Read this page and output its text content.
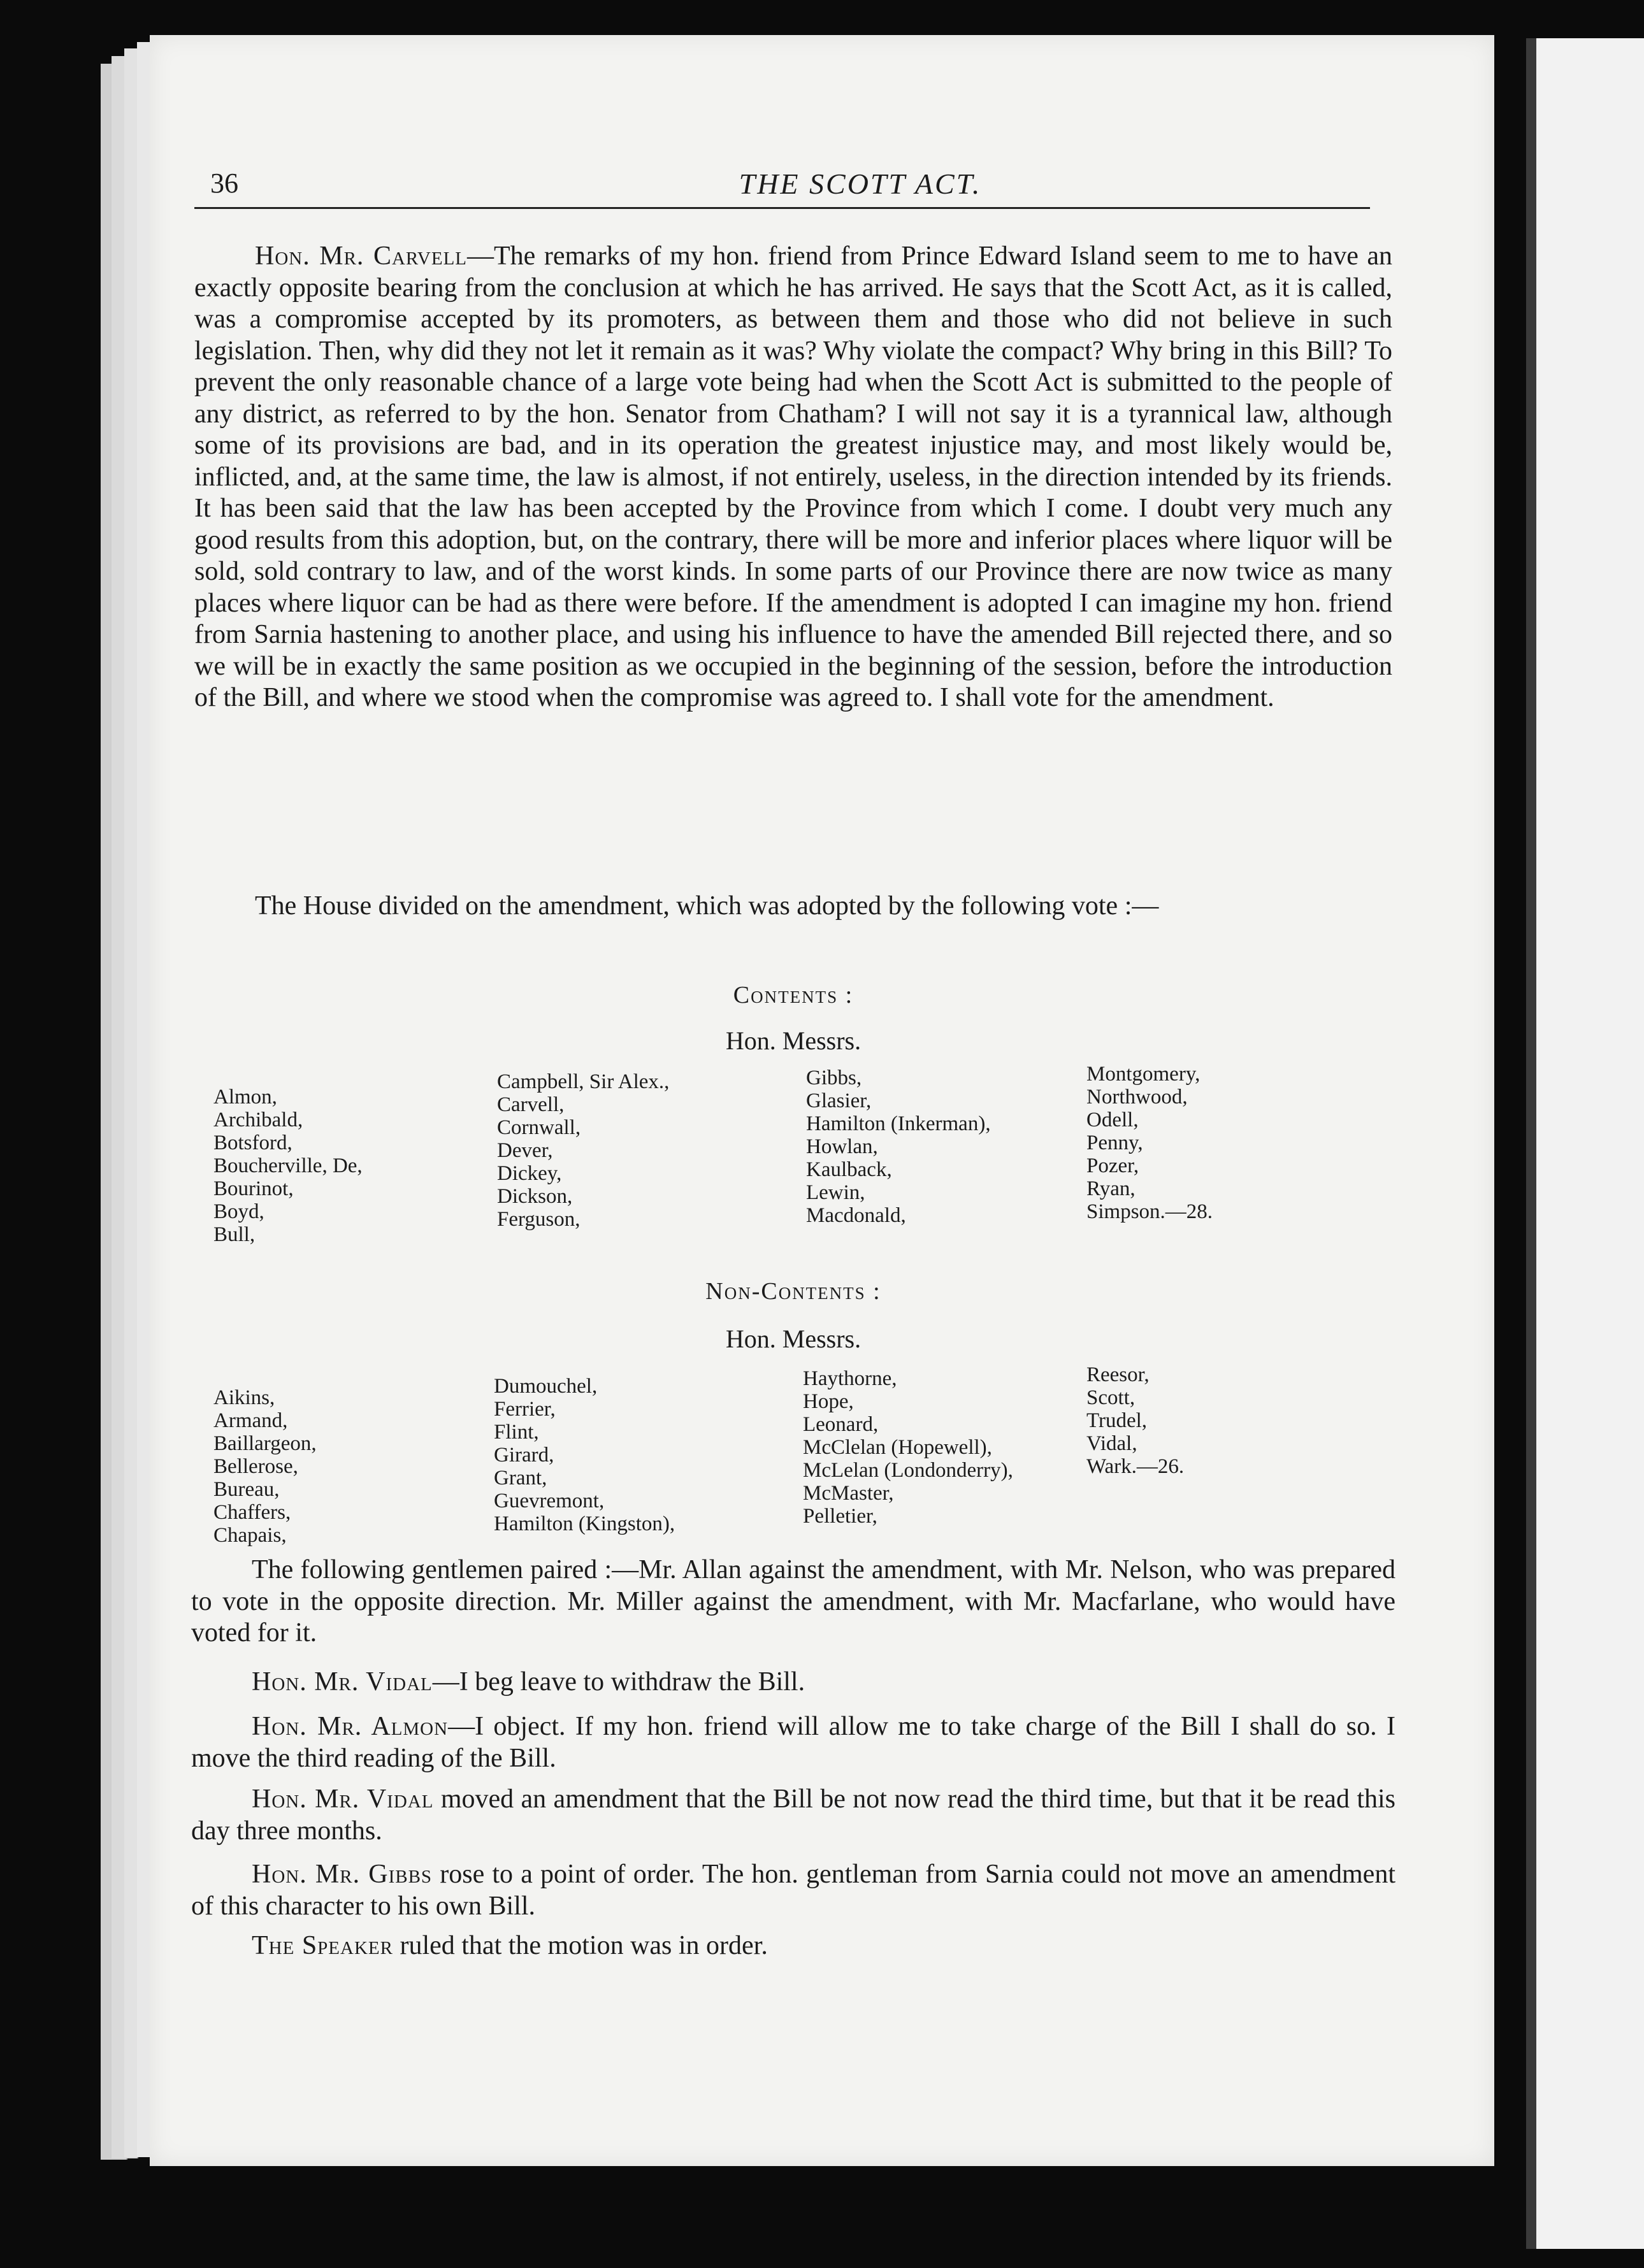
36	THE SCOTT ACT.

Hon. Mr. Carvell—The remarks of my hon. friend from Prince Edward Island seem to me to have an exactly opposite bearing from the conclusion at which he has arrived. He says that the Scott Act, as it is called, was a compromise accepted by its promoters, as between them and those who did not believe in such legislation. Then, why did they not let it remain as it was? Why violate the compact? Why bring in this Bill? To prevent the only reasonable chance of a large vote being had when the Scott Act is submitted to the people of any district, as referred to by the hon. Senator from Chatham? I will not say it is a tyrannical law, although some of its provisions are bad, and in its operation the greatest injustice may, and most likely would be, inflicted, and, at the same time, the law is almost, if not entirely, useless, in the direction intended by its friends. It has been said that the law has been accepted by the Province from which I come. I doubt very much any good results from this adoption, but, on the contrary, there will be more and inferior places where liquor will be sold, sold contrary to law, and of the worst kinds. In some parts of our Province there are now twice as many places where liquor can be had as there were before. If the amendment is adopted I can imagine my hon. friend from Sarnia hastening to another place, and using his influence to have the amended Bill rejected there, and so we will be in exactly the same position as we occupied in the beginning of the session, before the introduction of the Bill, and where we stood when the compromise was agreed to. I shall vote for the amendment.

The House divided on the amendment, which was adopted by the following vote :—

Contents :
Hon. Messrs.
Almon,
Archibald,
Botsford,
Boucherville, De,
Bourinot,
Boyd,
Bull,
Campbell, Sir Alex.,
Carvell,
Cornwall,
Dever,
Dickey,
Dickson,
Ferguson,
Gibbs,
Glasier,
Hamilton (Inkerman),
Howlan,
Kaulback,
Lewin,
Macdonald,
Montgomery,
Northwood,
Odell,
Penny,
Pozer,
Ryan,
Simpson.—28.
Non-Contents :
Hon. Messrs.
Aikins,
Armand,
Baillargeon,
Bellerose,
Bureau,
Chaffers,
Chapais,
Dumouchel,
Ferrier,
Flint,
Girard,
Grant,
Guevremont,
Hamilton (Kingston),
Haythorne,
Hope,
Leonard,
McClelan (Hopewell),
McLelan (Londonderry),
McMaster,
Pelletier,
Reesor,
Scott,
Trudel,
Vidal,
Wark.—26.

The following gentlemen paired :—Mr. Allan against the amendment, with Mr. Nelson, who was prepared to vote in the opposite direction. Mr. Miller against the amendment, with Mr. Macfarlane, who would have voted for it.

Hon. Mr. Vidal—I beg leave to withdraw the Bill.

Hon. Mr. Almon—I object. If my hon. friend will allow me to take charge of the Bill I shall do so. I move the third reading of the Bill.

Hon. Mr. Vidal moved an amendment that the Bill be not now read the third time, but that it be read this day three months.

Hon. Mr. Gibbs rose to a point of order. The hon. gentleman from Sarnia could not move an amendment of this character to his own Bill.

The Speaker ruled that the motion was in order.
